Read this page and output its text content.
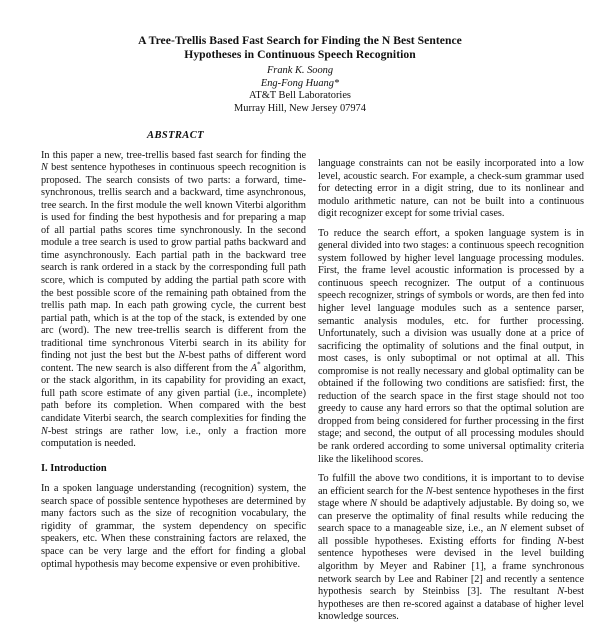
A Tree-Trellis Based Fast Search for Finding the N Best Sentence
Hypotheses in Continuous Speech Recognition
Frank K. Soong
Eng-Fong Huang*
AT&T Bell Laboratories
Murray Hill, New Jersey 07974
ABSTRACT

In this paper a new, tree-trellis based fast search for finding the N best sentence hypotheses in continuous speech recognition is proposed. The search consists of two parts: a forward, time-synchronous, trellis search and a backward, time asynchronous, tree search. In the first module the well known Viterbi algorithm is used for finding the best hypothesis and for preparing a map of all partial paths scores time synchronously. In the second module a tree search is used to grow partial paths backward and time asynchronously. Each partial path in the backward tree search is rank ordered in a stack by the corresponding full path score, which is computed by adding the partial path score with the best possible score of the remaining path obtained from the trellis path map. In each path growing cycle, the current best partial path, which is at the top of the stack, is extended by one arc (word). The new tree-trellis search is different from the traditional time synchronous Viterbi search in its ability for finding not just the best but the N-best paths of different word content. The new search is also different from the A* algorithm, or the stack algorithm, in its capability for providing an exact, full path score estimate of any given partial (i.e., incomplete) path before its completion. When compared with the best candidate Viterbi search, the search complexities for finding the N-best strings are rather low, i.e., only a fraction more computation is needed.

I. Introduction

In a spoken language understanding (recognition) system, the search space of possible sentence hypotheses are determined by many factors such as the size of recognition vocabulary, the rigidity of grammar, the system dependency on specific speakers, etc. When these constraining factors are relaxed, the space can be very large and the effort for finding a global optimal hypothesis may become expensive or even prohibitive.

language constraints can not be easily incorporated into a low level, acoustic search. For example, a check-sum grammar used for detecting error in a digit string, due to its nonlinear and modulo arithmetic nature, can not be built into a continuous digit recognizer except for some trivial cases.

To reduce the search effort, a spoken language system is in general divided into two stages: a continuous speech recognition system followed by higher level language processing modules. First, the frame level acoustic information is processed by a continuous speech recognizer. The output of a continuous speech recognizer, strings of symbols or words, are then fed into higher level language modules such as a sentence parser, semantic analysis modules, etc. for further processing. Unfortunately, such a division was usually done at a price of sacrificing the optimality of solutions and the final output, in most cases, is only suboptimal or not optimal at all. This compromise is not really necessary and global optimality can be obtained if the following two conditions are satisfied: first, the reduction of the search space in the first stage should not too greedy to cause any hard errors so that the optimal solution are dropped from being considered for further processing in the first stage; and second, the output of all processing modules should be rank ordered according to some universal optimality criteria like the likelihood scores.

To fulfill the above two conditions, it is important to to devise an efficient search for the N-best sentence hypotheses in the first stage where N should be adaptively adjustable. By doing so, we can preserve the optimality of final results while reducing the search space to a manageable size, i.e., an N element subset of all possible hypotheses. Existing efforts for finding N-best sentence hypotheses were devised in the level building algorithm by Meyer and Rabiner [1], a frame synchronous network search by Lee and Rabiner [2] and recently a sentence hypothesis search by Steinbiss [3]. The resultant N-best hypotheses are then re-scored against a database of higher level knowledge sources.
